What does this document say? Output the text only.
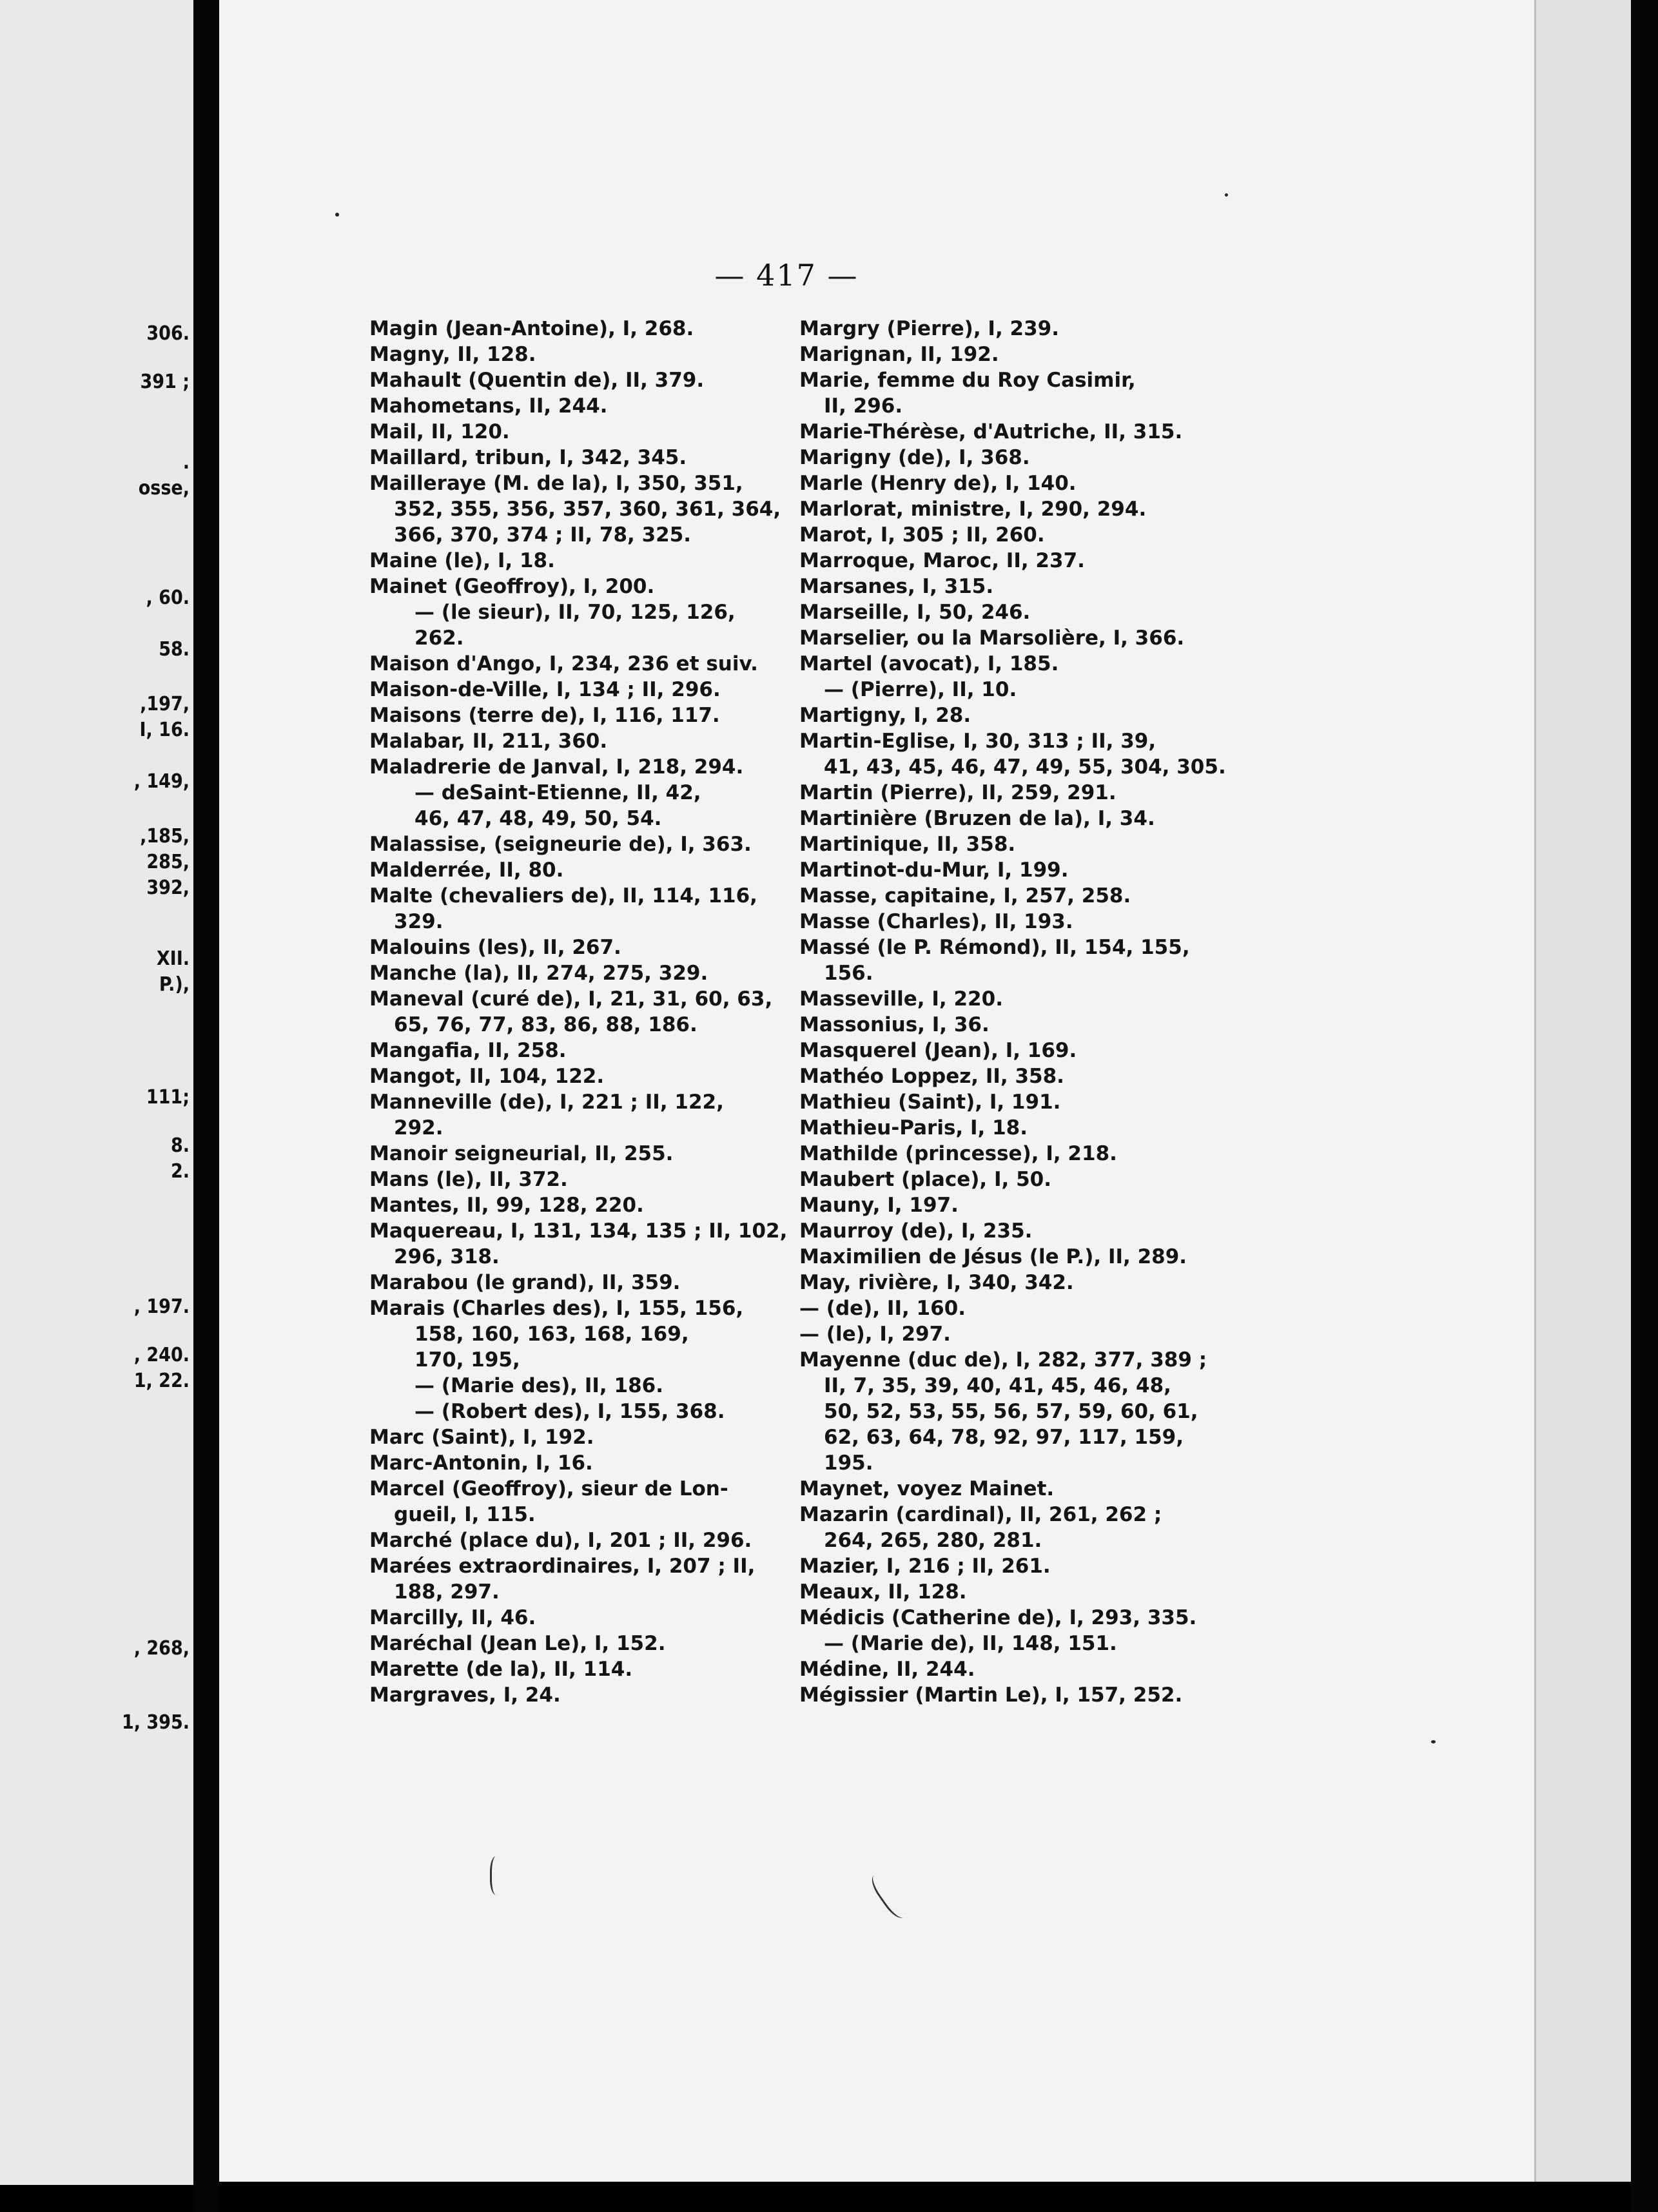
306.
391 ;
.
osse,
, 60.
58.
,197,
I, 16.
, 149,
,185,
285,
392,
XII.
P.),
111;
8.
2.
, 197.
, 240.
1, 22.
, 268,
1, 395.
— 417 —
Magin (Jean-Antoine), I, 268.
Magny, II, 128.
Mahault (Quentin de), II, 379.
Mahometans, II, 244.
Mail, II, 120.
Maillard, tribun, I, 342, 345.
Mailleraye (M. de la), I, 350, 351,
352, 355, 356, 357, 360, 361, 364,
366, 370, 374 ; II, 78, 325.
Maine (le), I, 18.
Mainet (Geoffroy), I, 200.
— (le sieur), II, 70, 125, 126,
262.
Maison d'Ango, I, 234, 236 et suiv.
Maison-de-Ville, I, 134 ; II, 296.
Maisons (terre de), I, 116, 117.
Malabar, II, 211, 360.
Maladrerie de Janval, I, 218, 294.
— deSaint-Etienne, II, 42,
46, 47, 48, 49, 50, 54.
Malassise, (seigneurie de), I, 363.
Malderrée, II, 80.
Malte (chevaliers de), II, 114, 116,
329.
Malouins (les), II, 267.
Manche (la), II, 274, 275, 329.
Maneval (curé de), I, 21, 31, 60, 63,
65, 76, 77, 83, 86, 88, 186.
Mangafia, II, 258.
Mangot, II, 104, 122.
Manneville (de), I, 221 ; II, 122,
292.
Manoir seigneurial, II, 255.
Mans (le), II, 372.
Mantes, II, 99, 128, 220.
Maquereau, I, 131, 134, 135 ; II, 102,
296, 318.
Marabou (le grand), II, 359.
Marais (Charles des), I, 155, 156,
158, 160, 163, 168, 169,
170, 195,
— (Marie des), II, 186.
— (Robert des), I, 155, 368.
Marc (Saint), I, 192.
Marc-Antonin, I, 16.
Marcel (Geoffroy), sieur de Lon-
gueil, I, 115.
Marché (place du), I, 201 ; II, 296.
Marées extraordinaires, I, 207 ; II,
188, 297.
Marcilly, II, 46.
Maréchal (Jean Le), I, 152.
Marette (de la), II, 114.
Margraves, I, 24.
Margry (Pierre), I, 239.
Marignan, II, 192.
Marie, femme du Roy Casimir,
II, 296.
Marie-Thérèse, d'Autriche, II, 315.
Marigny (de), I, 368.
Marle (Henry de), I, 140.
Marlorat, ministre, I, 290, 294.
Marot, I, 305 ; II, 260.
Marroque, Maroc, II, 237.
Marsanes, I, 315.
Marseille, I, 50, 246.
Marselier, ou la Marsolière, I, 366.
Martel (avocat), I, 185.
— (Pierre), II, 10.
Martigny, I, 28.
Martin-Eglise, I, 30, 313 ; II, 39,
41, 43, 45, 46, 47, 49, 55, 304, 305.
Martin (Pierre), II, 259, 291.
Martinière (Bruzen de la), I, 34.
Martinique, II, 358.
Martinot-du-Mur, I, 199.
Masse, capitaine, I, 257, 258.
Masse (Charles), II, 193.
Massé (le P. Rémond), II, 154, 155,
156.
Masseville, I, 220.
Massonius, I, 36.
Masquerel (Jean), I, 169.
Mathéo Loppez, II, 358.
Mathieu (Saint), I, 191.
Mathieu-Paris, I, 18.
Mathilde (princesse), I, 218.
Maubert (place), I, 50.
Mauny, I, 197.
Maurroy (de), I, 235.
Maximilien de Jésus (le P.), II, 289.
May, rivière, I, 340, 342.
— (de), II, 160.
— (le), I, 297.
Mayenne (duc de), I, 282, 377, 389 ;
II, 7, 35, 39, 40, 41, 45, 46, 48,
50, 52, 53, 55, 56, 57, 59, 60, 61,
62, 63, 64, 78, 92, 97, 117, 159,
195.
Maynet, voyez Mainet.
Mazarin (cardinal), II, 261, 262 ;
264, 265, 280, 281.
Mazier, I, 216 ; II, 261.
Meaux, II, 128.
Médicis (Catherine de), I, 293, 335.
— (Marie de), II, 148, 151.
Médine, II, 244.
Mégissier (Martin Le), I, 157, 252.
